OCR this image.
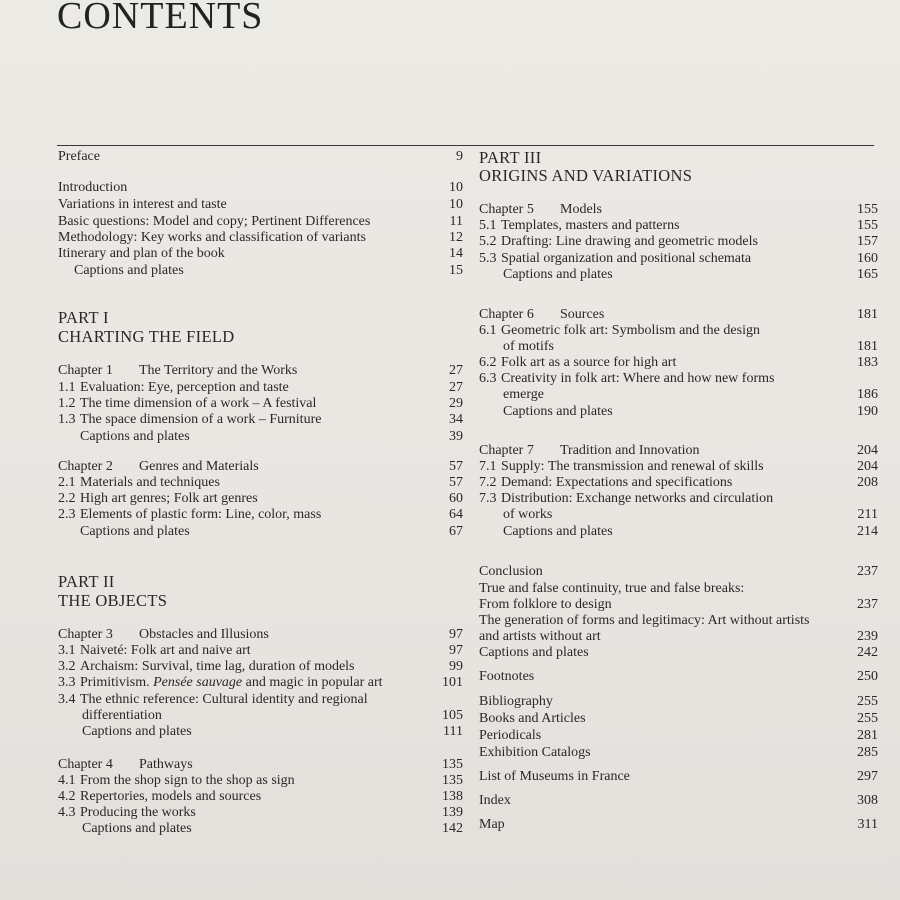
CONTENTS
Preface	9
Introduction	10
Variations in interest and taste	10
Basic questions: Model and copy; Pertinent Differences	11
Methodology: Key works and classification of variants	12
Itinerary and plan of the book	14
Captions and plates	15
PART I
CHARTING THE FIELD
Chapter 1 The Territory and the Works	27
1.1 Evaluation: Eye, perception and taste	27
1.2 The time dimension of a work – A festival	29
1.3 The space dimension of a work – Furniture	34
Captions and plates	39
Chapter 2 Genres and Materials	57
2.1 Materials and techniques	57
2.2 High art genres; Folk art genres	60
2.3 Elements of plastic form: Line, color, mass	64
Captions and plates	67
PART II
THE OBJECTS
Chapter 3 Obstacles and Illusions	97
3.1 Naiveté: Folk art and naive art	97
3.2 Archaism: Survival, time lag, duration of models	99
3.3 Primitivism. Pensée sauvage and magic in popular art	101
3.4 The ethnic reference: Cultural identity and regional
differentiation	105
Captions and plates	111
Chapter 4 Pathways	135
4.1 From the shop sign to the shop as sign	135
4.2 Repertories, models and sources	138
4.3 Producing the works	139
Captions and plates	142
PART III
ORIGINS AND VARIATIONS
Chapter 5 Models	155
5.1 Templates, masters and patterns	155
5.2 Drafting: Line drawing and geometric models	157
5.3 Spatial organization and positional schemata	160
Captions and plates	165
Chapter 6 Sources	181
6.1 Geometric folk art: Symbolism and the design
of motifs	181
6.2 Folk art as a source for high art	183
6.3 Creativity in folk art: Where and how new forms
emerge	186
Captions and plates	190
Chapter 7 Tradition and Innovation	204
7.1 Supply: The transmission and renewal of skills	204
7.2 Demand: Expectations and specifications	208
7.3 Distribution: Exchange networks and circulation
of works	211
Captions and plates	214
Conclusion	237
True and false continuity, true and false breaks:
From folklore to design	237
The generation of forms and legitimacy: Art without artists
and artists without art	239
Captions and plates	242
Footnotes	250
Bibliography	255
Books and Articles	255
Periodicals	281
Exhibition Catalogs	285
List of Museums in France	297
Index	308
Map	311
